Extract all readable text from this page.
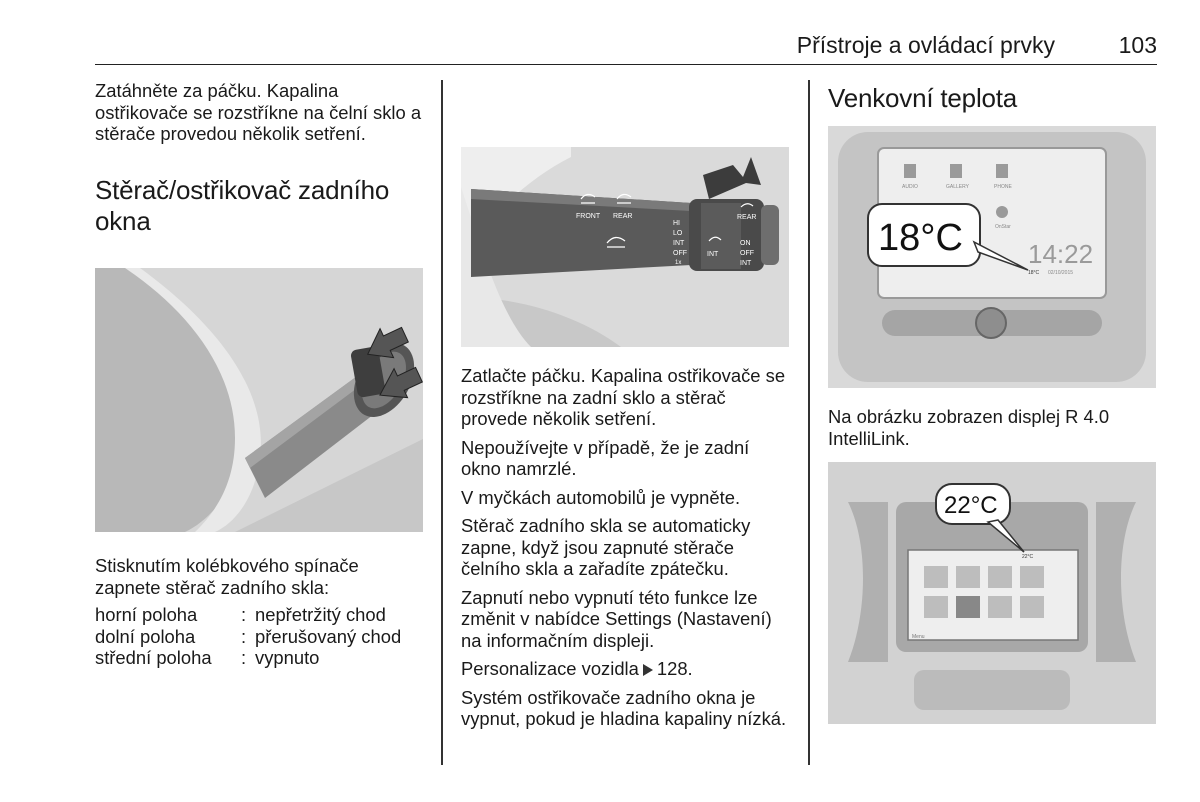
Přístroje a ovládací prvky	103

Zatáhněte za páčku. Kapalina ostřikovače se rozstříkne na čelní sklo a stěrače provedou několik setření.

Stěrač/ostřikovač zadního okna

Stisknutím kolébkového spínače zapnete stěrač zadního skla:

horní poloha	:	nepřetržitý chod
dolní poloha	:	přerušovaný chod
střední poloha	:	vypnuto
FRONT REAR
HI
LO
INT
OFF
1x
REAR
ON
OFF
INT
INT

Zatlačte páčku. Kapalina ostřikovače se rozstříkne na zadní sklo a stěrač provede několik setření.

Nepoužívejte v případě, že je zadní okno namrzlé.

V myčkách automobilů je vypněte.

Stěrač zadního skla se automaticky zapne, když jsou zapnuté stěrače čelního skla a zařadíte zpátečku.

Zapnutí nebo vypnutí této funkce lze změnit v nabídce Settings (Nastavení) na informačním displeji.

Personalizace vozidla 128.

Systém ostřikovače zadního okna je vypnut, pokud je hladina kapaliny nízká.

Venkovní teplota
AUDIO	GALLERY	PHONE
OnStar
14:22
18°C 02/10/2015
18°C

Na obrázku zobrazen displej R 4.0 IntelliLink.

Menu
22°C
22°C
